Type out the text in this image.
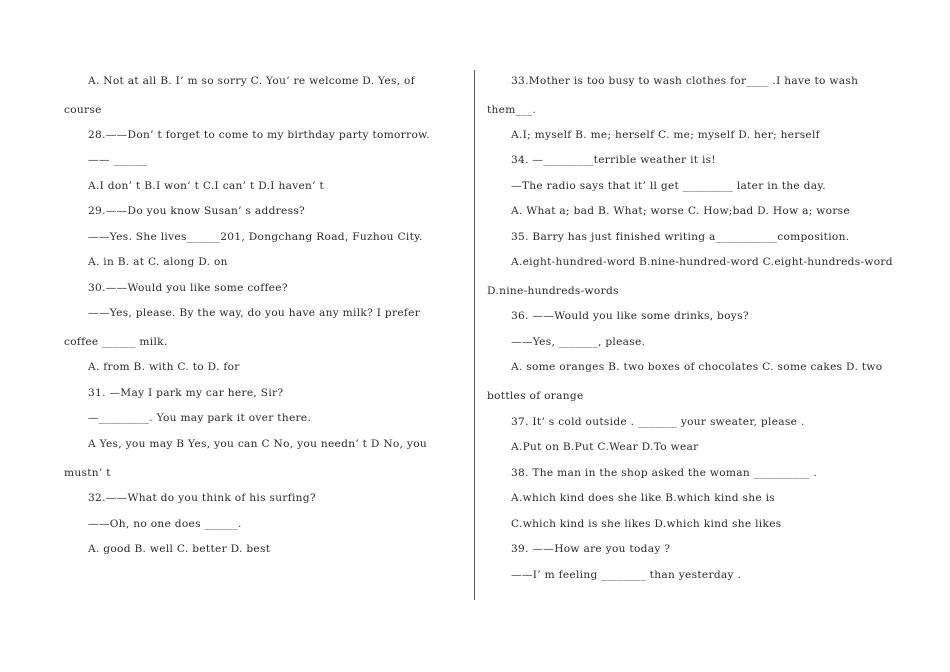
A. Not at all B. I’ m so sorry C. You’ re welcome D. Yes, of
course
28.——Don’ t forget to come to my birthday party tomorrow.
—— ______
A.I don’ t B.I won’ t C.I can’ t D.I haven’ t
29.——Do you know Susan’ s address?
——Yes. She lives______201, Dongchang Road, Fuzhou City.
A. in B. at C. along D. on
30.——Would you like some coffee?
——Yes, please. By the way, do you have any milk? I prefer
coffee ______ milk.
A. from B. with C. to D. for
31. —May I park my car here, Sir?
—_________. You may park it over there.
A Yes, you may B Yes, you can C No, you needn’ t D No, you
mustn’ t
32.——What do you think of his surfing?
——Oh, no one does ______.
A. good B. well C. better D. best
33.Mother is too busy to wash clothes for____ .I have to wash
them___.
A.I; myself B. me; herself C. me; myself D. her; herself
34. —_________terrible weather it is!
—The radio says that it’ ll get _________ later in the day.
A. What a; bad B. What; worse C. How;bad D. How a; worse
35. Barry has just finished writing a___________composition.
A.eight-hundred-word B.nine-hundred-word C.eight-hundreds-word
D.nine-hundreds-words
36. ——Would you like some drinks, boys?
——Yes, _______, please.
A. some oranges B. two boxes of chocolates C. some cakes D. two
bottles of orange
37. It’ s cold outside . _______ your sweater, please .
A.Put on B.Put C.Wear D.To wear
38. The man in the shop asked the woman __________ .
A.which kind does she like B.which kind she is
C.which kind is she likes D.which kind she likes
39. ——How are you today ?
——I’ m feeling ________ than yesterday .
